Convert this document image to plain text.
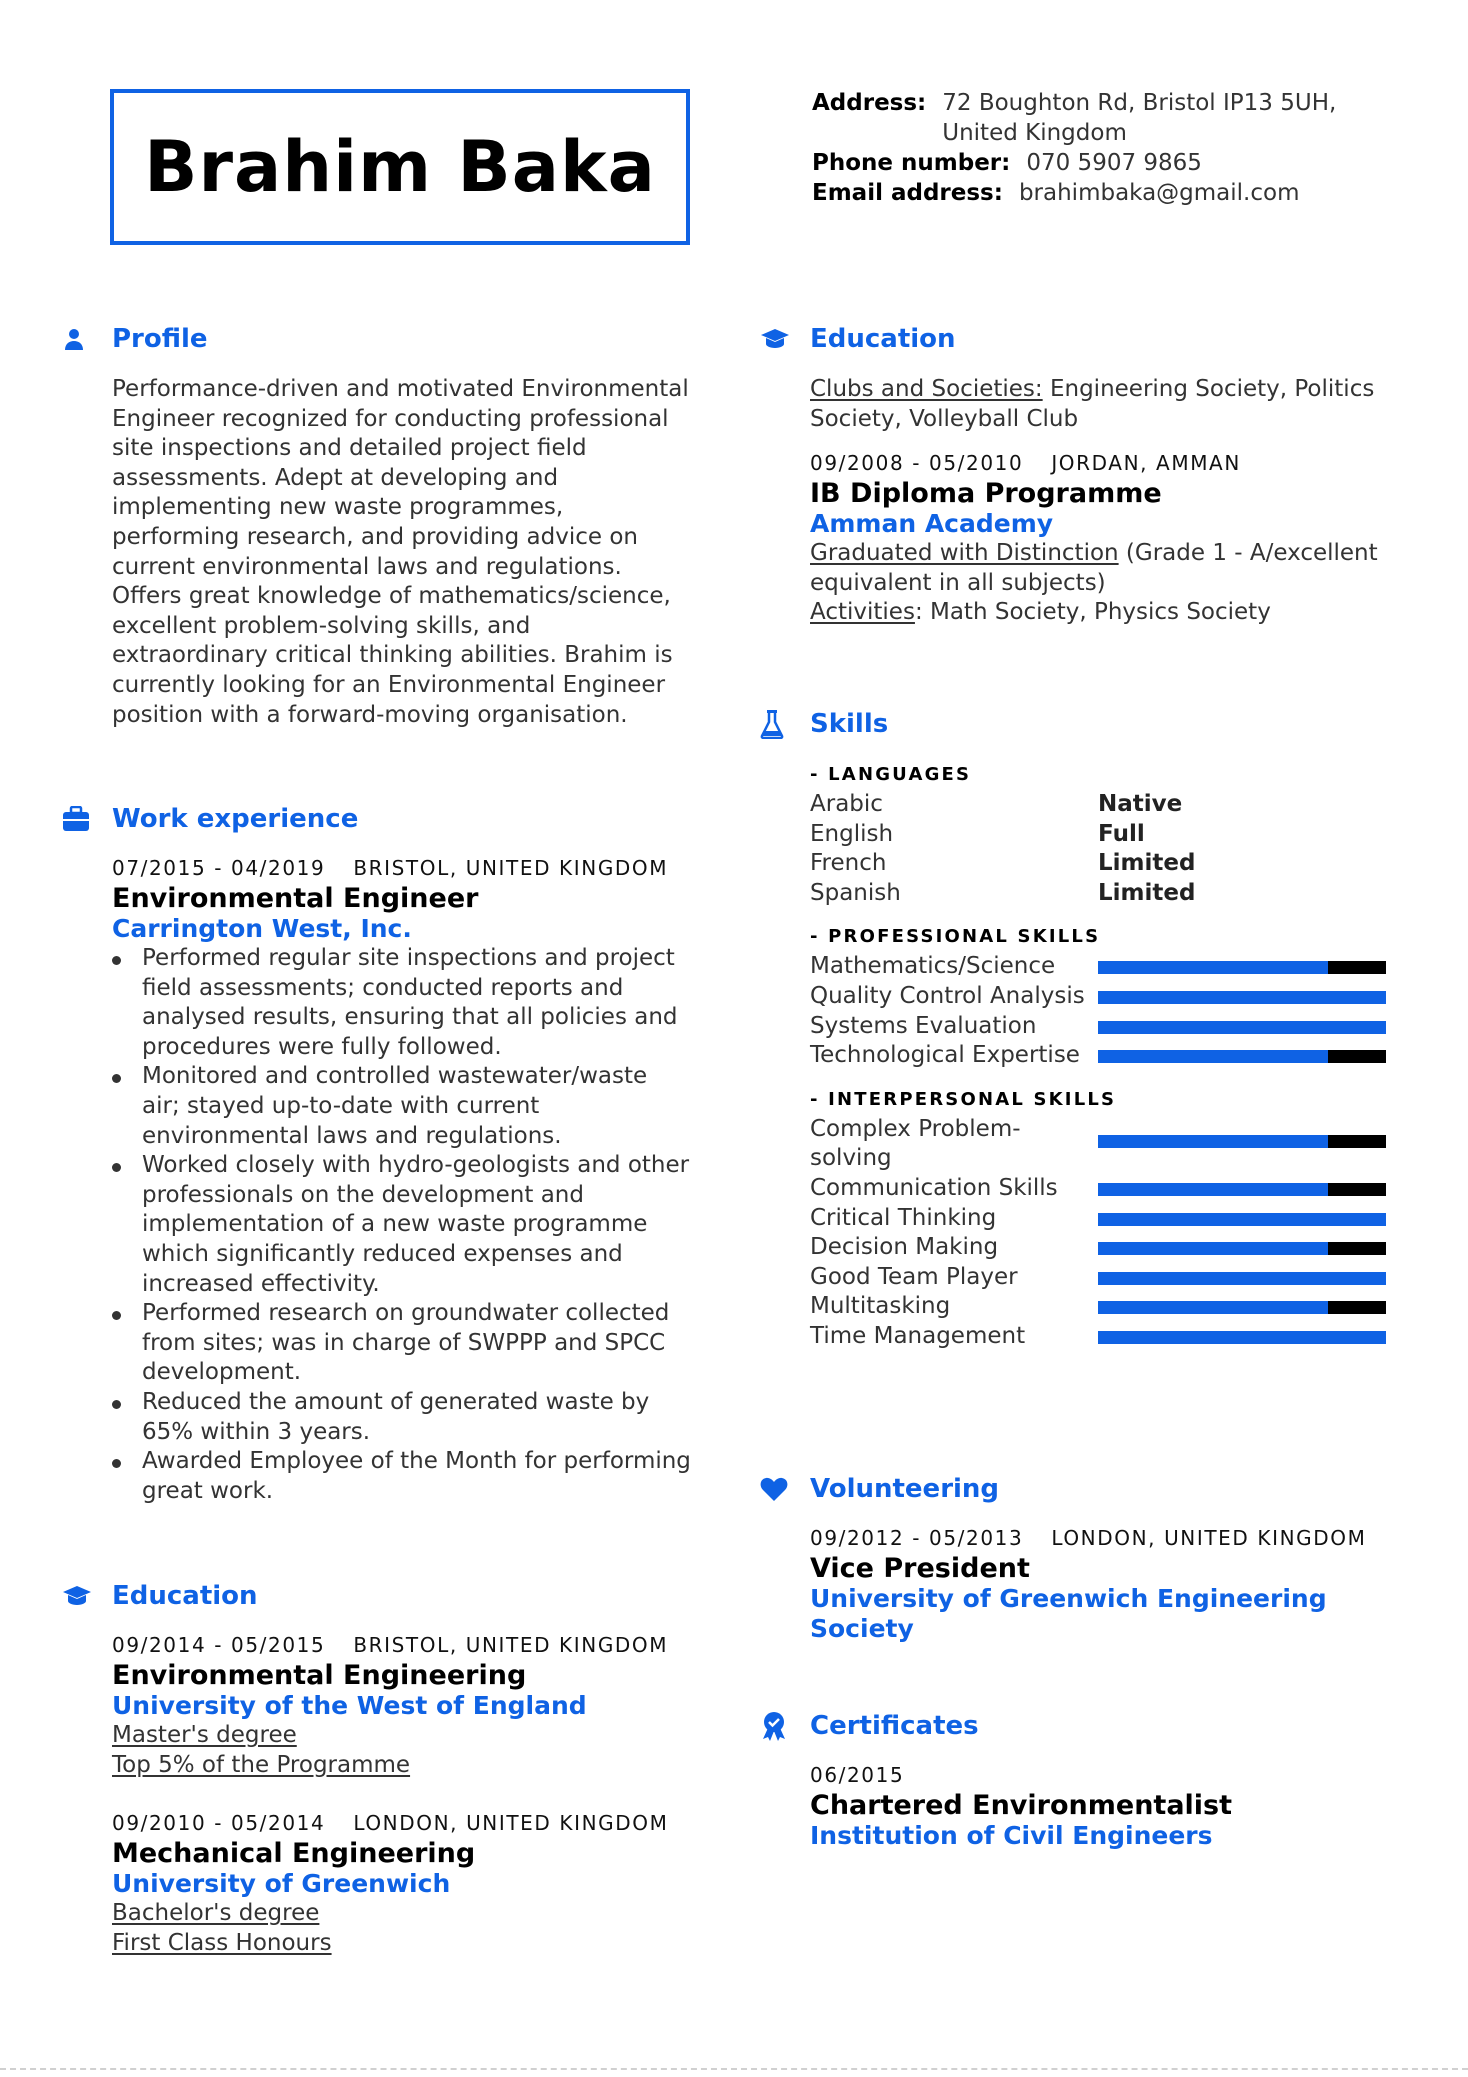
Brahim Baka
Address: 72 Boughton Rd, Bristol IP13 5UH, United Kingdom
Phone number: 070 5907 9865
Email address: brahimbaka@gmail.com
Profile
Performance-driven and motivated Environmental Engineer recognized for conducting professional site inspections and detailed project field assessments. Adept at developing and implementing new waste programmes, performing research, and providing advice on current environmental laws and regulations. Offers great knowledge of mathematics/science, excellent problem-solving skills, and extraordinary critical thinking abilities. Brahim is currently looking for an Environmental Engineer position with a forward-moving organisation.
Work experience
07/2015 - 04/2019 BRISTOL, UNITED KINGDOM
Environmental Engineer
Carrington West, Inc.
Performed regular site inspections and project field assessments; conducted reports and analysed results, ensuring that all policies and procedures were fully followed.
Monitored and controlled wastewater/waste air; stayed up-to-date with current environmental laws and regulations.
Worked closely with hydro-geologists and other professionals on the development and implementation of a new waste programme which significantly reduced expenses and increased effectivity.
Performed research on groundwater collected from sites; was in charge of SWPPP and SPCC development.
Reduced the amount of generated waste by 65% within 3 years.
Awarded Employee of the Month for performing great work.
Education
09/2014 - 05/2015 BRISTOL, UNITED KINGDOM
Environmental Engineering
University of the West of England
Master's degree
Top 5% of the Programme
09/2010 - 05/2014 LONDON, UNITED KINGDOM
Mechanical Engineering
University of Greenwich
Bachelor's degree
First Class Honours
Education
Clubs and Societies: Engineering Society, Politics Society, Volleyball Club
09/2008 - 05/2010 JORDAN, AMMAN
IB Diploma Programme
Amman Academy
Graduated with Distinction (Grade 1 - A/excellent equivalent in all subjects)
Activities: Math Society, Physics Society
Skills
- LANGUAGES
Arabic	Native
English	Full
French	Limited
Spanish	Limited
- PROFESSIONAL SKILLS
Mathematics/Science
Quality Control Analysis
Systems Evaluation
Technological Expertise
- INTERPERSONAL SKILLS
Complex Problem-solving
Communication Skills
Critical Thinking
Decision Making
Good Team Player
Multitasking
Time Management
Volunteering
09/2012 - 05/2013 LONDON, UNITED KINGDOM
Vice President
University of Greenwich Engineering Society
Certificates
06/2015
Chartered Environmentalist
Institution of Civil Engineers
